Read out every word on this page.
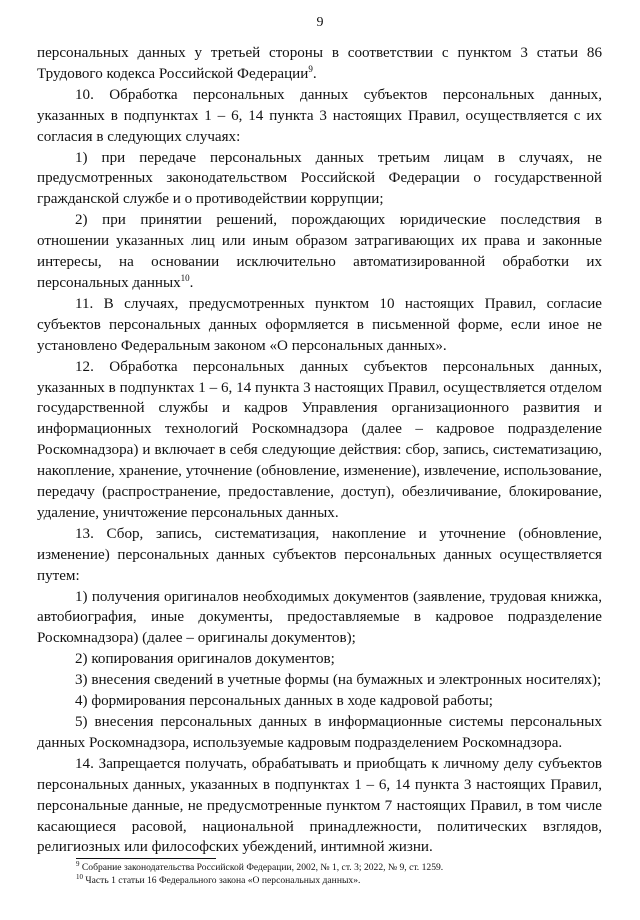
9

персональных данных у третьей стороны в соответствии с пунктом 3 статьи 86 Трудового кодекса Российской Федерации$^9$.

10. Обработка персональных данных субъектов персональных данных, указанных в подпунктах 1 – 6, 14 пункта 3 настоящих Правил, осуществляется с их согласия в следующих случаях:

1) при передаче персональных данных третьим лицам в случаях, не предусмотренных законодательством Российской Федерации о государственной гражданской службе и о противодействии коррупции;

2) при принятии решений, порождающих юридические последствия в отношении указанных лиц или иным образом затрагивающих их права и законные интересы, на основании исключительно автоматизированной обработки их персональных данных$^{10}$.

11. В случаях, предусмотренных пунктом 10 настоящих Правил, согласие субъектов персональных данных оформляется в письменной форме, если иное не установлено Федеральным законом «О персональных данных».

12. Обработка персональных данных субъектов персональных данных, указанных в подпунктах 1 – 6, 14 пункта 3 настоящих Правил, осуществляется отделом государственной службы и кадров Управления организационного развития и информационных технологий Роскомнадзора (далее – кадровое подразделение Роскомнадзора) и включает в себя следующие действия: сбор, запись, систематизацию, накопление, хранение, уточнение (обновление, изменение), извлечение, использование, передачу (распространение, предоставление, доступ), обезличивание, блокирование, удаление, уничтожение персональных данных.

13. Сбор, запись, систематизация, накопление и уточнение (обновление, изменение) персональных данных субъектов персональных данных осуществляется путем:

1) получения оригиналов необходимых документов (заявление, трудовая книжка, автобиография, иные документы, предоставляемые в кадровое подразделение Роскомнадзора) (далее – оригиналы документов);

2) копирования оригиналов документов;

3) внесения сведений в учетные формы (на бумажных и электронных носителях);

4) формирования персональных данных в ходе кадровой работы;

5) внесения персональных данных в информационные системы персональных данных Роскомнадзора, используемые кадровым подразделением Роскомнадзора.

14. Запрещается получать, обрабатывать и приобщать к личному делу субъектов персональных данных, указанных в подпунктах 1 – 6, 14 пункта 3 настоящих Правил, персональные данные, не предусмотренные пунктом 7 настоящих Правил, в том числе касающиеся расовой, национальной принадлежности, политических взглядов, религиозных или философских убеждений, интимной жизни.

$^9$ Собрание законодательства Российской Федерации, 2002, № 1, ст. 3; 2022, № 9, ст. 1259.
$^{10}$ Часть 1 статьи 16 Федерального закона «О персональных данных».
